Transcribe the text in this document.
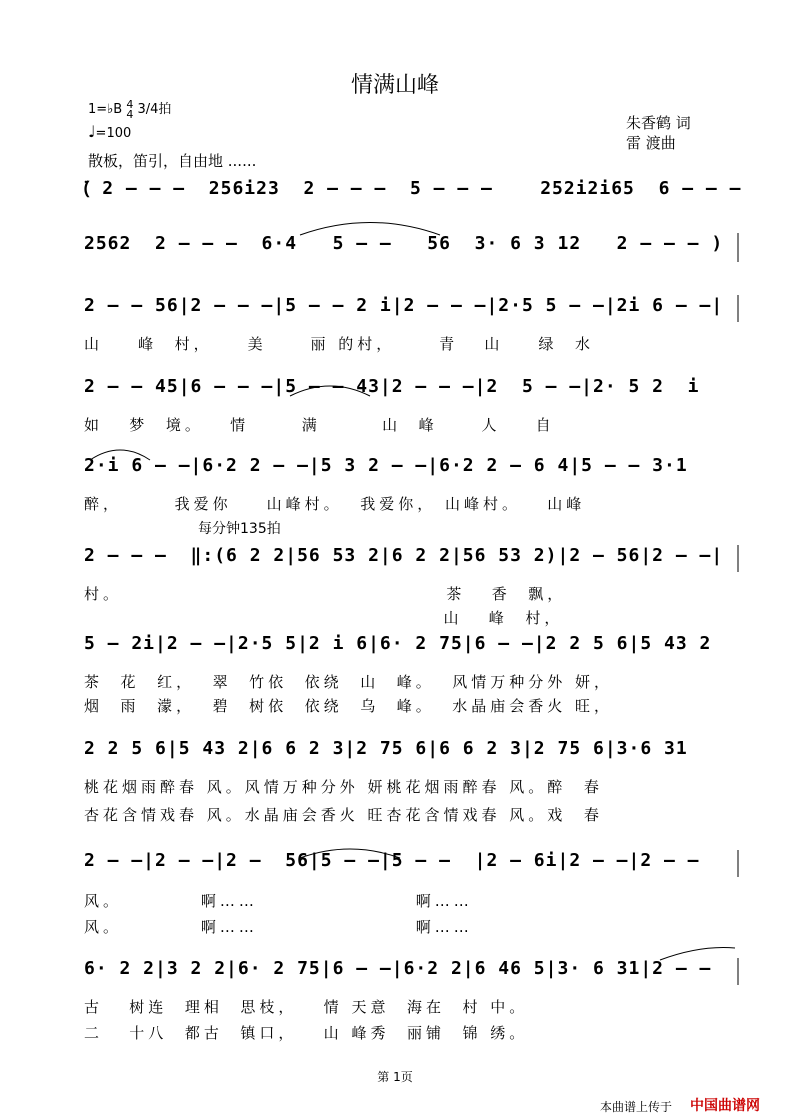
情满山峰
1=♭B 4
4 3/4拍
♩=100
朱香鹤 词
雷 渡曲
散板，笛引，自由地 ......
(ꦁ 2 – – –  256i23  2 – – –  5 – – –    252i2i65  6 – – –
2562  2 – – –  6·4   5 – –   56  3· 6 3 12   2 – – – )
2 – – 56|2 – – –|5 – – 2 i|2 – – –|2·5 5 – –|2i 6 – –|
山    峰  村，    美     丽 的村，     青   山    绿  水
2 – – 45|6 – – –|5 – – 43|2 – – –|2  5 – –|2· 5 2  i
如   梦  境。   情      满       山  峰     人    自
2·i 6 – –|6·2 2 – –|5 3 2 – –|6·2 2 – 6 4|5 – – 3·1
醉，      我爱你    山峰村。  我爱你， 山峰村。   山峰
每分钟135拍
2 – – –  ‖:(6 2 2|56 53 2|6 2 2|56 53 2)|2 – 56|2 – –|
村。                                     茶   香  飘，
山   峰  村，
5 – 2i|2 – –|2·5 5|2 i 6|6· 2 75|6 – –|2 2 5 6|5 43 2
茶  花  红，  翠  竹依  依绕  山  峰。  风情万种分外 妍，
烟  雨  濛，  碧  树依  依绕  乌  峰。  水晶庙会香火 旺，
2 2 5 6|5 43 2|6 6 2 3|2 75 6|6 6 2 3|2 75 6|3·6 31
桃花烟雨醉春 风。风情万种分外 妍桃花烟雨醉春 风。醉  春
杏花含情戏春 风。水晶庙会香火 旺杏花含情戏春 风。戏  春
2 – –|2 – –|2 –  56|5 – –|5 – –  |2 – 6i|2 – –|2 – –
风。         啊……                  啊……
风。         啊……                  啊……
6· 2 2|3 2 2|6· 2 75|6 – –|6·2 2|6 46 5|3· 6 31|2 – –
古   树连  理相  思枝，   情 天意  海在  村 中。
二   十八  都古  镇口，   山 峰秀  丽铺  锦 绣。
第 1页
本曲谱上传于 中国曲谱网
